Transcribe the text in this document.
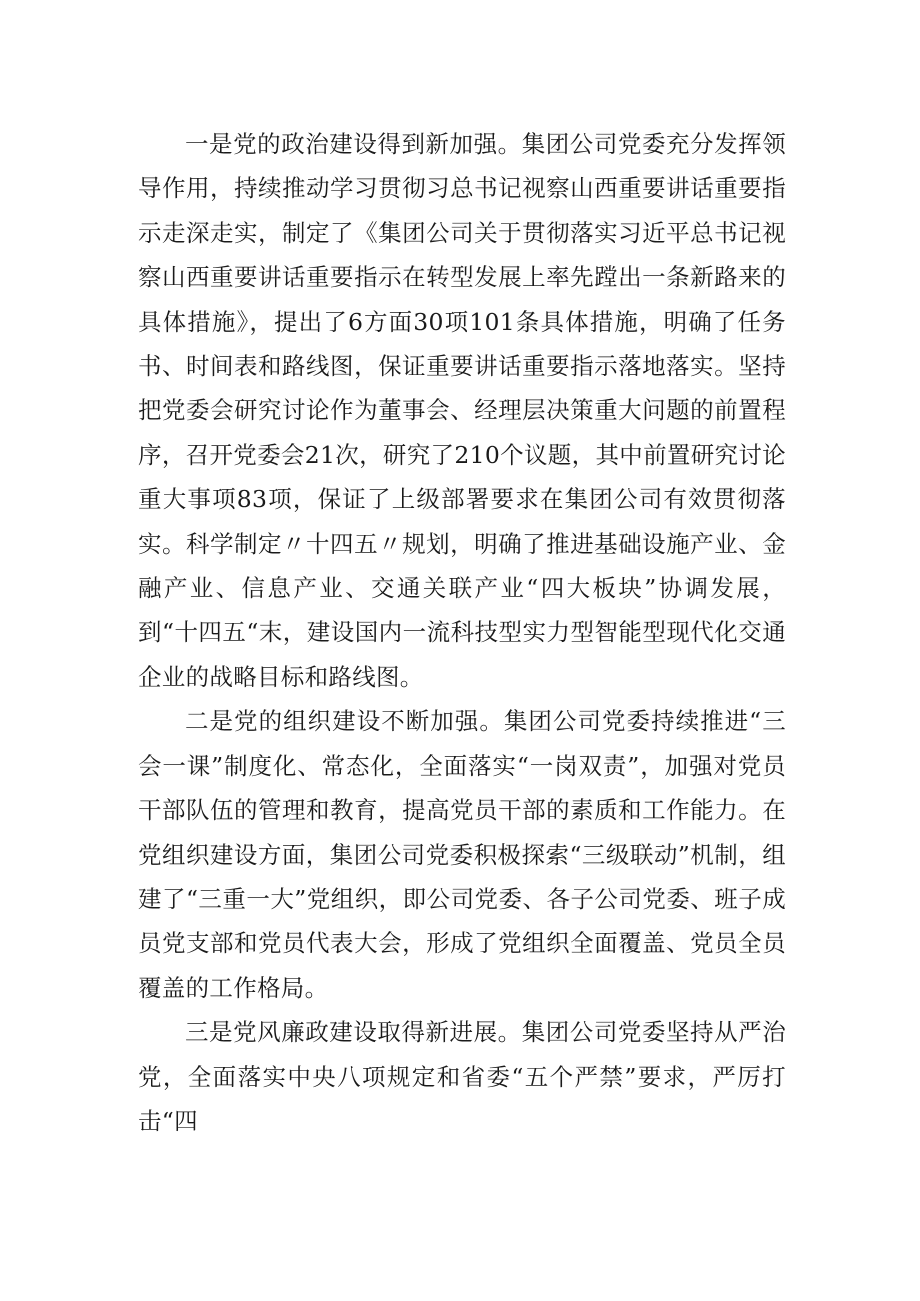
一是党的政治建设得到新加强。集团公司党委充分发挥领导作用，持续推动学习贯彻习总书记视察山西重要讲话重要指示走深走实，制定了《集团公司关于贯彻落实习近平总书记视察山西重要讲话重要指示在转型发展上率先蹚出一条新路来的具体措施》，提出了6方面30项101条具体措施，明确了任务书、时间表和路线图，保证重要讲话重要指示落地落实。坚持把党委会研究讨论作为董事会、经理层决策重大问题的前置程序，召开党委会21次，研究了210个议题，其中前置研究讨论重大事项83项，保证了上级部署要求在集团公司有效贯彻落实。科学制定〃十四五〃规划，明确了推进基础设施产业、金融产业、信息产业、交通关联产业“四大板块”协调发展，到“十四五“末，建设国内一流科技型实力型智能型现代化交通企业的战略目标和路线图。

二是党的组织建设不断加强。集团公司党委持续推进“三会一课”制度化、常态化，全面落实“一岗双责”，加强对党员干部队伍的管理和教育，提高党员干部的素质和工作能力。在党组织建设方面，集团公司党委积极探索“三级联动”机制，组建了“三重一大”党组织，即公司党委、各子公司党委、班子成员党支部和党员代表大会，形成了党组织全面覆盖、党员全员覆盖的工作格局。

三是党风廉政建设取得新进展。集团公司党委坚持从严治党，全面落实中央八项规定和省委“五个严禁”要求，严厉打击“四
